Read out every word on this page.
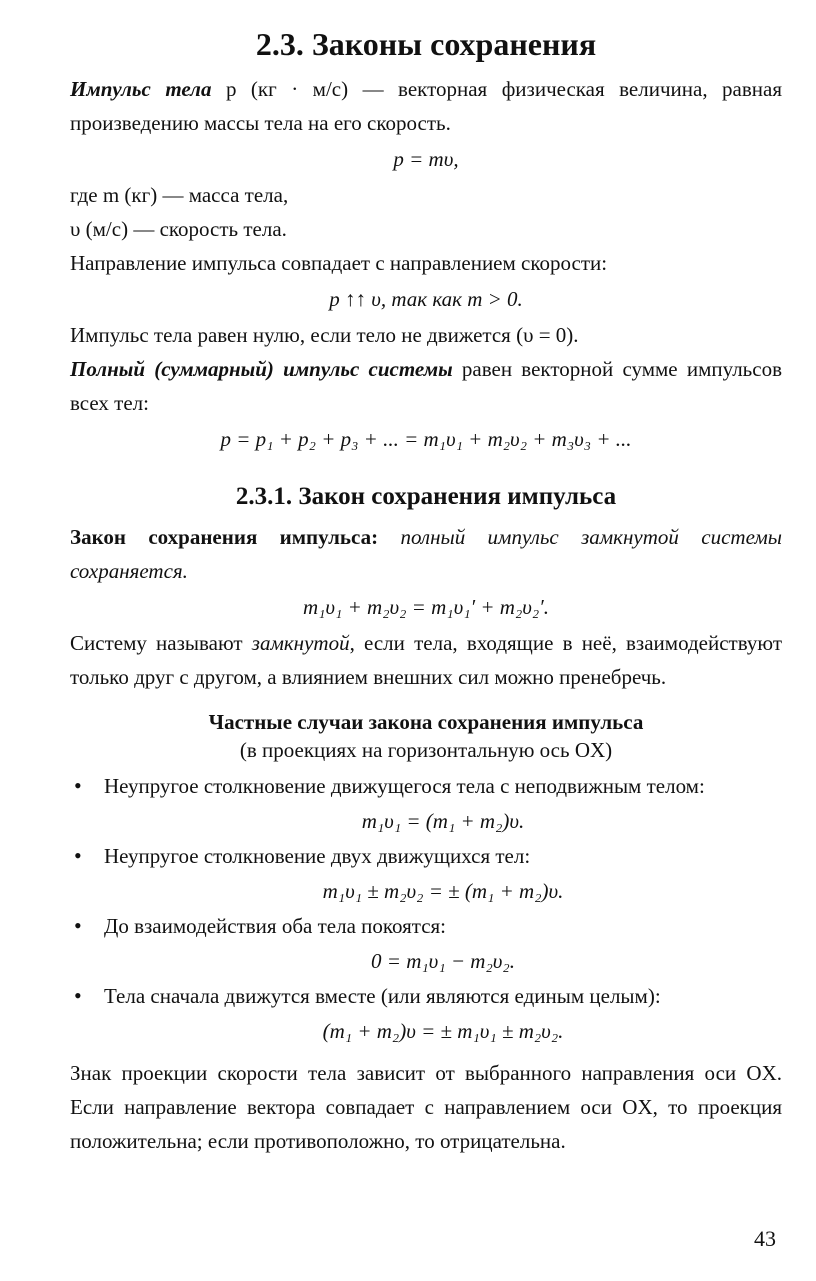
2.3. Законы сохранения

Импульс тела p (кг · м/с) — векторная физическая величина, равная произведению массы тела на его скорость.

p = mυ,

где m (кг) — масса тела,

υ (м/с) — скорость тела.

Направление импульса совпадает с направлением скорости:

p ↑↑ υ, так как m > 0.

Импульс тела равен нулю, если тело не движется (υ = 0).

Полный (суммарный) импульс системы равен векторной сумме импульсов всех тел:

p = p₁ + p₂ + p₃ + ... = m₁υ₁ + m₂υ₂ + m₃υ₃ + ...

2.3.1. Закон сохранения импульса

Закон сохранения импульса: полный импульс замкнутой системы сохраняется.

m₁υ₁ + m₂υ₂ = m₁υ₁′ + m₂υ₂′.

Систему называют замкнутой, если тела, входящие в неё, взаимодействуют только друг с другом, а влиянием внешних сил можно пренебречь.

Частные случаи закона сохранения импульса

(в проекциях на горизонтальную ось OX)

• Неупругое столкновение движущегося тела с неподвижным телом:
m₁υ₁ = (m₁ + m₂)υ.
• Неупругое столкновение двух движущихся тел:
m₁υ₁ ± m₂υ₂ = ± (m₁ + m₂)υ.
• До взаимодействия оба тела покоятся:
0 = m₁υ₁ − m₂υ₂.
• Тела сначала движутся вместе (или являются единым целым):
(m₁ + m₂)υ = ± m₁υ₁ ± m₂υ₂.

Знак проекции скорости тела зависит от выбранного направления оси OX. Если направление вектора совпадает с направлением оси OX, то проекция положительна; если противоположно, то отрицательна.

43
